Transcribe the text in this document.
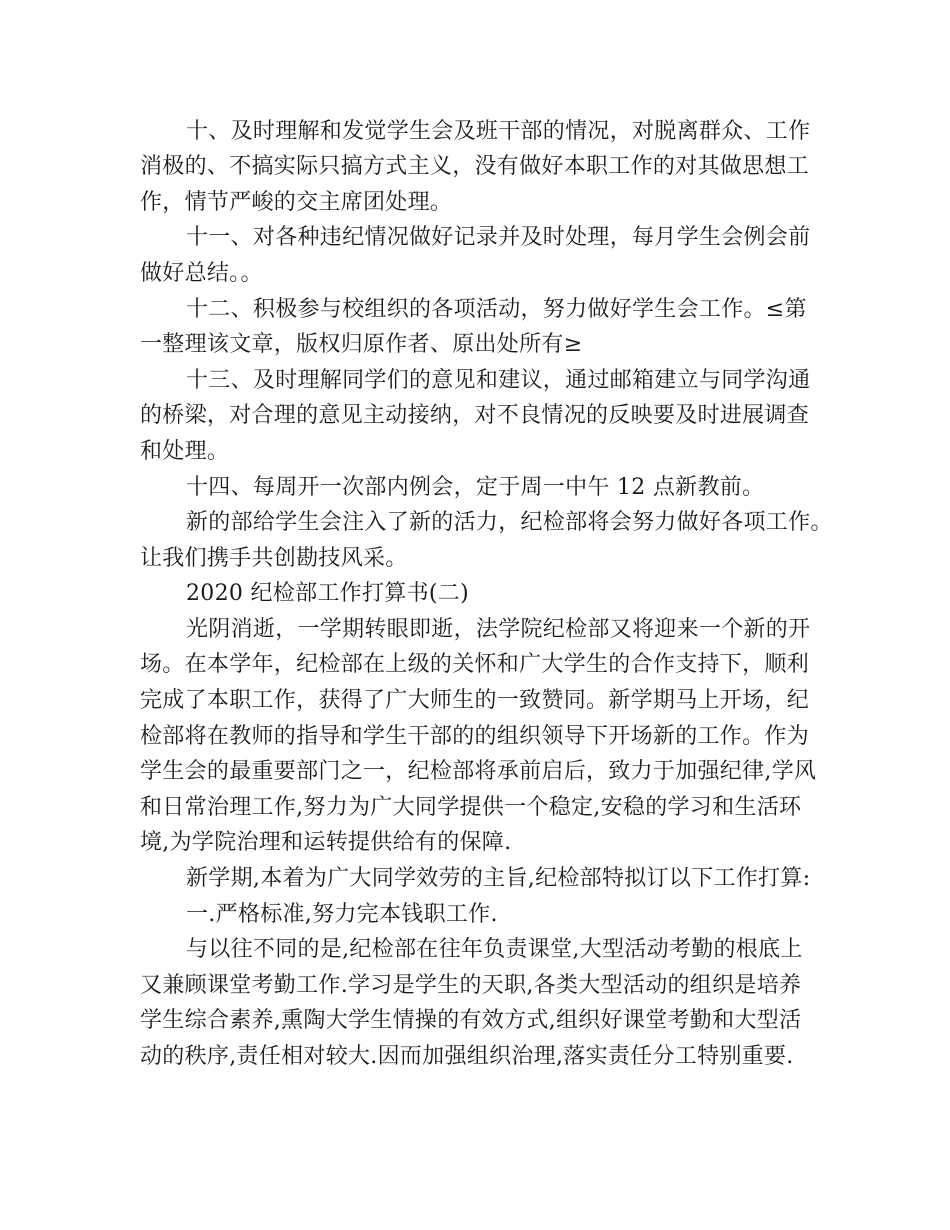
十、及时理解和发觉学生会及班干部的情况，对脱离群众、工作
消极的、不搞实际只搞方式主义，没有做好本职工作的对其做思想工
作，情节严峻的交主席团处理。
十一、对各种违纪情况做好记录并及时处理，每月学生会例会前
做好总结。。
十二、积极参与校组织的各项活动，努力做好学生会工作。≤第
一整理该文章，版权归原作者、原出处所有≥
十三、及时理解同学们的意见和建议，通过邮箱建立与同学沟通
的桥梁，对合理的意见主动接纳，对不良情况的反映要及时进展调查
和处理。
十四、每周开一次部内例会，定于周一中午 12 点新教前。
新的部给学生会注入了新的活力，纪检部将会努力做好各项工作。
让我们携手共创勘技风采。
2020 纪检部工作打算书(二)
光阴消逝，一学期转眼即逝，法学院纪检部又将迎来一个新的开
场。在本学年，纪检部在上级的关怀和广大学生的合作支持下，顺利
完成了本职工作，获得了广大师生的一致赞同。新学期马上开场，纪
检部将在教师的指导和学生干部的的组织领导下开场新的工作。作为
学生会的最重要部门之一，纪检部将承前启后，致力于加强纪律,学风
和日常治理工作,努力为广大同学提供一个稳定,安稳的学习和生活环
境,为学院治理和运转提供给有的保障.
新学期,本着为广大同学效劳的主旨,纪检部特拟订以下工作打算:
一.严格标准,努力完本钱职工作.
与以往不同的是,纪检部在往年负责课堂,大型活动考勤的根底上
又兼顾课堂考勤工作.学习是学生的天职,各类大型活动的组织是培养
学生综合素养,熏陶大学生情操的有效方式,组织好课堂考勤和大型活
动的秩序,责任相对较大.因而加强组织治理,落实责任分工特别重要.
